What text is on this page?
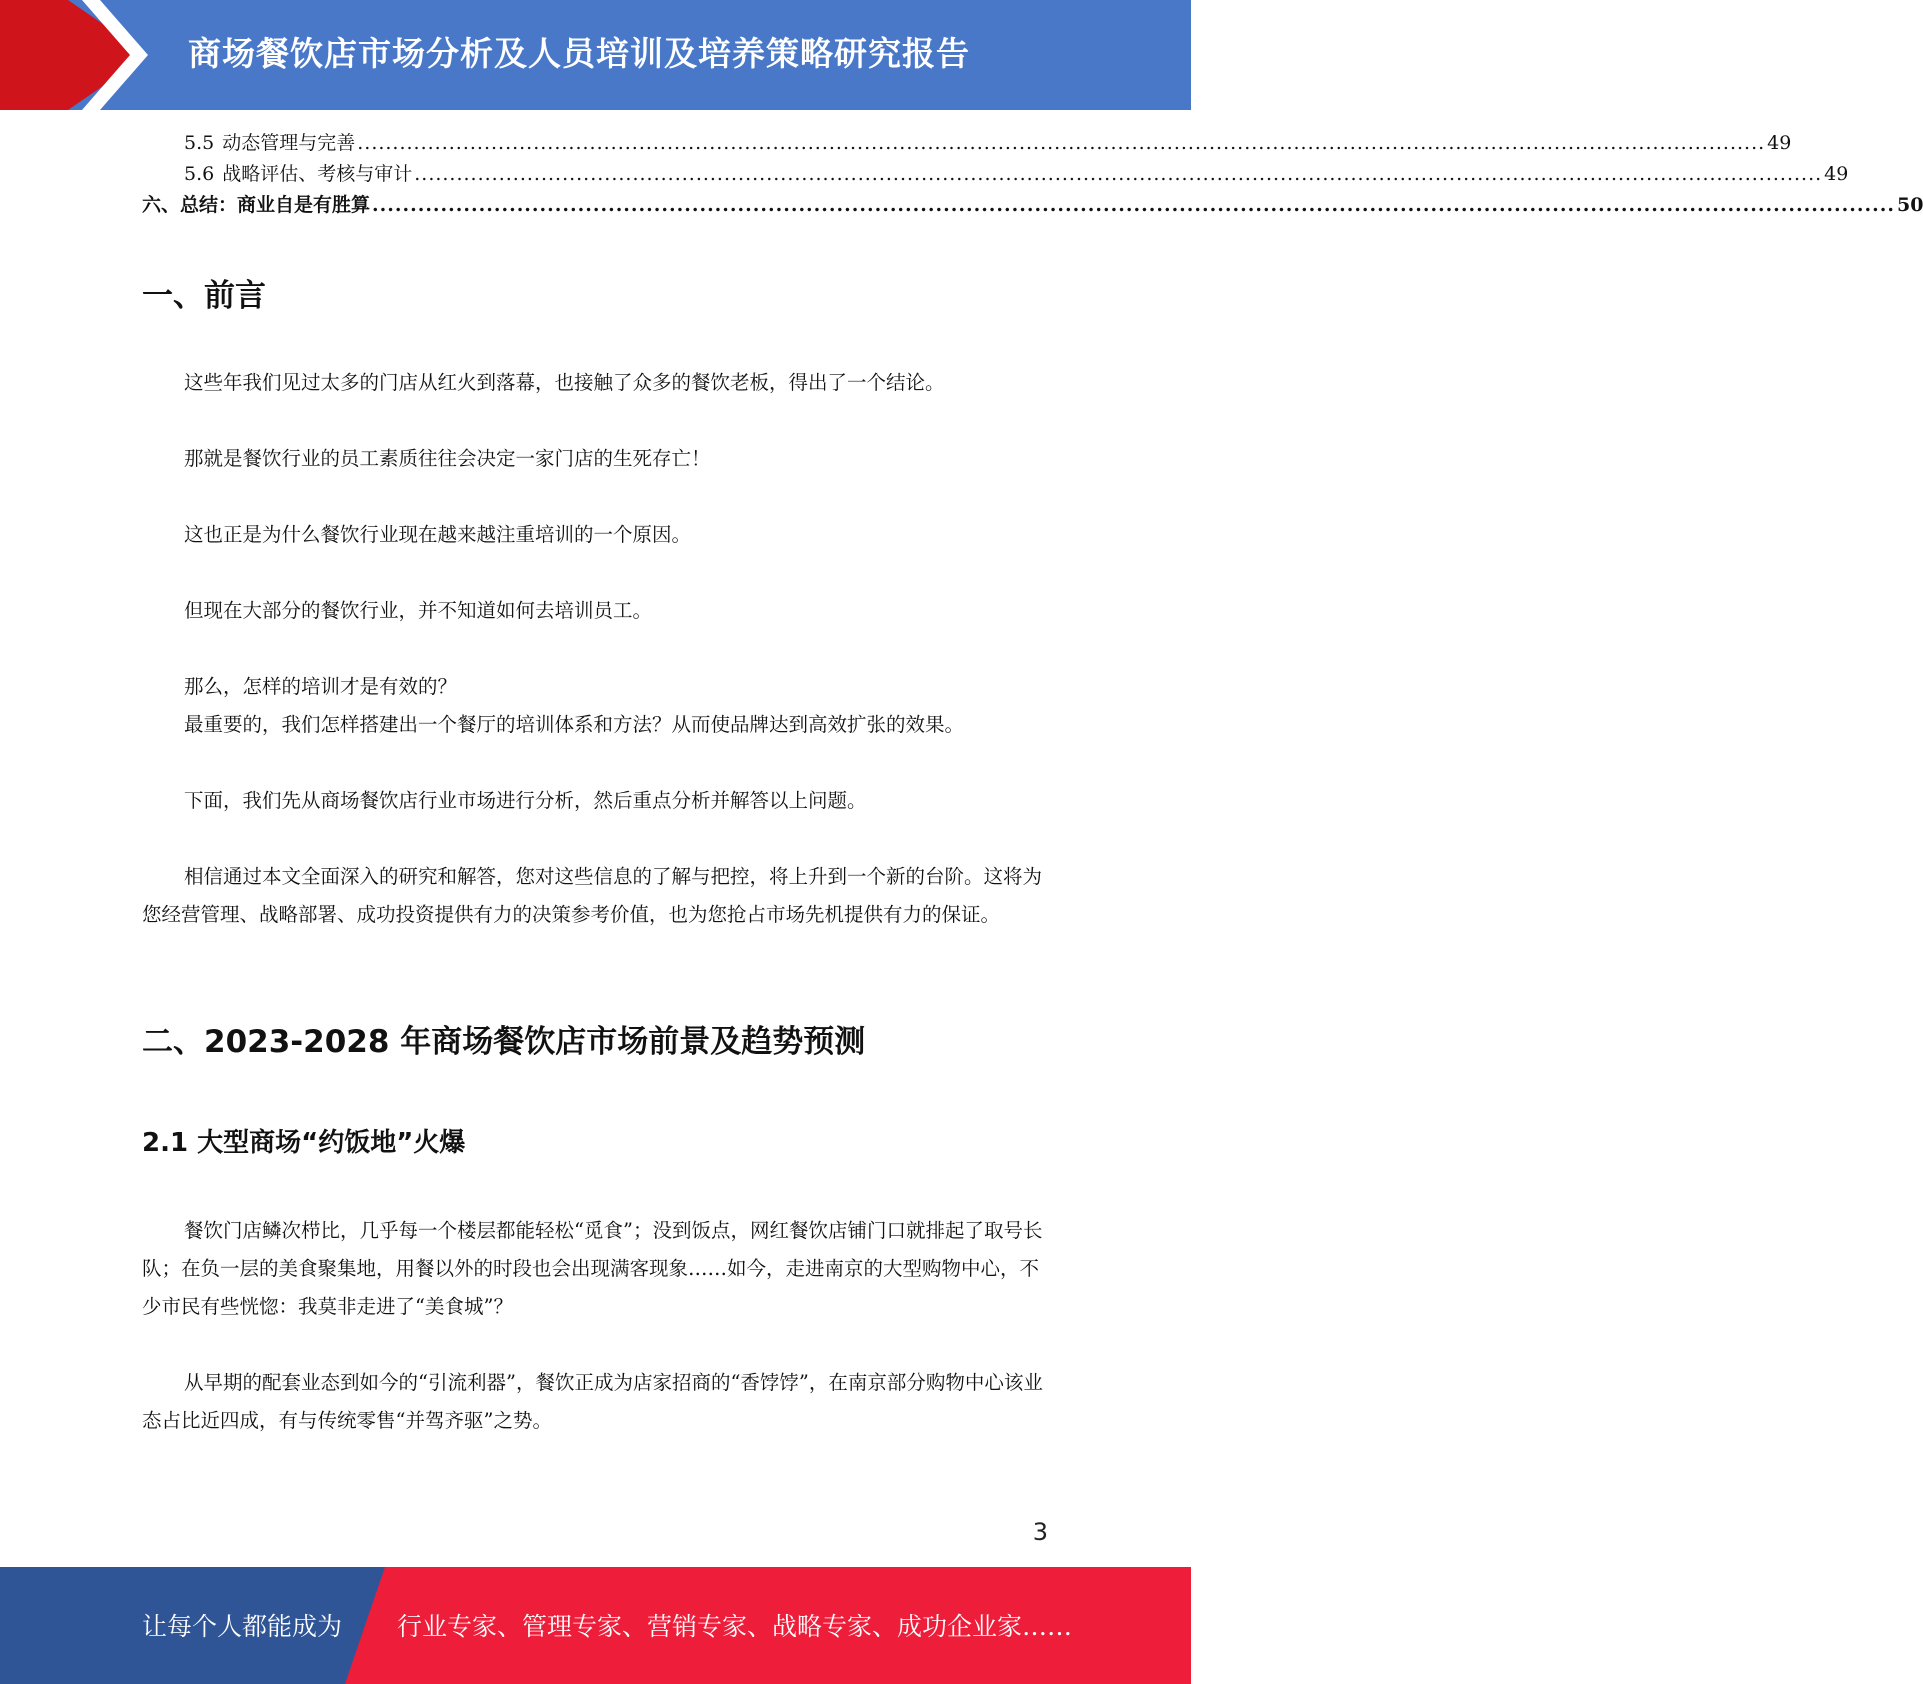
商场餐饮店市场分析及人员培训及培养策略研究报告
5.5 动态管理与完善 ........................................................................................................................................................................................................ 49
5.6 战略评估、考核与审计 ........................................................................................................................................................................................................ 49
六、总结：商业自是有胜算 ........................................................................................................................................................................................................ 50
一、前言

这些年我们见过太多的门店从红火到落幕，也接触了众多的餐饮老板，得出了一个结论。

那就是餐饮行业的员工素质往往会决定一家门店的生死存亡！

这也正是为什么餐饮行业现在越来越注重培训的一个原因。

但现在大部分的餐饮行业，并不知道如何去培训员工。

那么，怎样的培训才是有效的？

最重要的，我们怎样搭建出一个餐厅的培训体系和方法？从而使品牌达到高效扩张的效果。

下面，我们先从商场餐饮店行业市场进行分析，然后重点分析并解答以上问题。

相信通过本文全面深入的研究和解答，您对这些信息的了解与把控，将上升到一个新的台阶。这将为您经营管理、战略部署、成功投资提供有力的决策参考价值，也为您抢占市场先机提供有力的保证。

二、2023-2028 年商场餐饮店市场前景及趋势预测
2.1 大型商场“约饭地”火爆

餐饮门店鳞次栉比，几乎每一个楼层都能轻松“觅食”；没到饭点，网红餐饮店铺门口就排起了取号长队；在负一层的美食聚集地，用餐以外的时段也会出现满客现象……如今，走进南京的大型购物中心，不少市民有些恍惚：我莫非走进了“美食城”？

从早期的配套业态到如今的“引流利器”，餐饮正成为店家招商的“香饽饽”，在南京部分购物中心该业态占比近四成，有与传统零售“并驾齐驱”之势。

3
让每个人都能成为 行业专家、管理专家、营销专家、战略专家、成功企业家……
